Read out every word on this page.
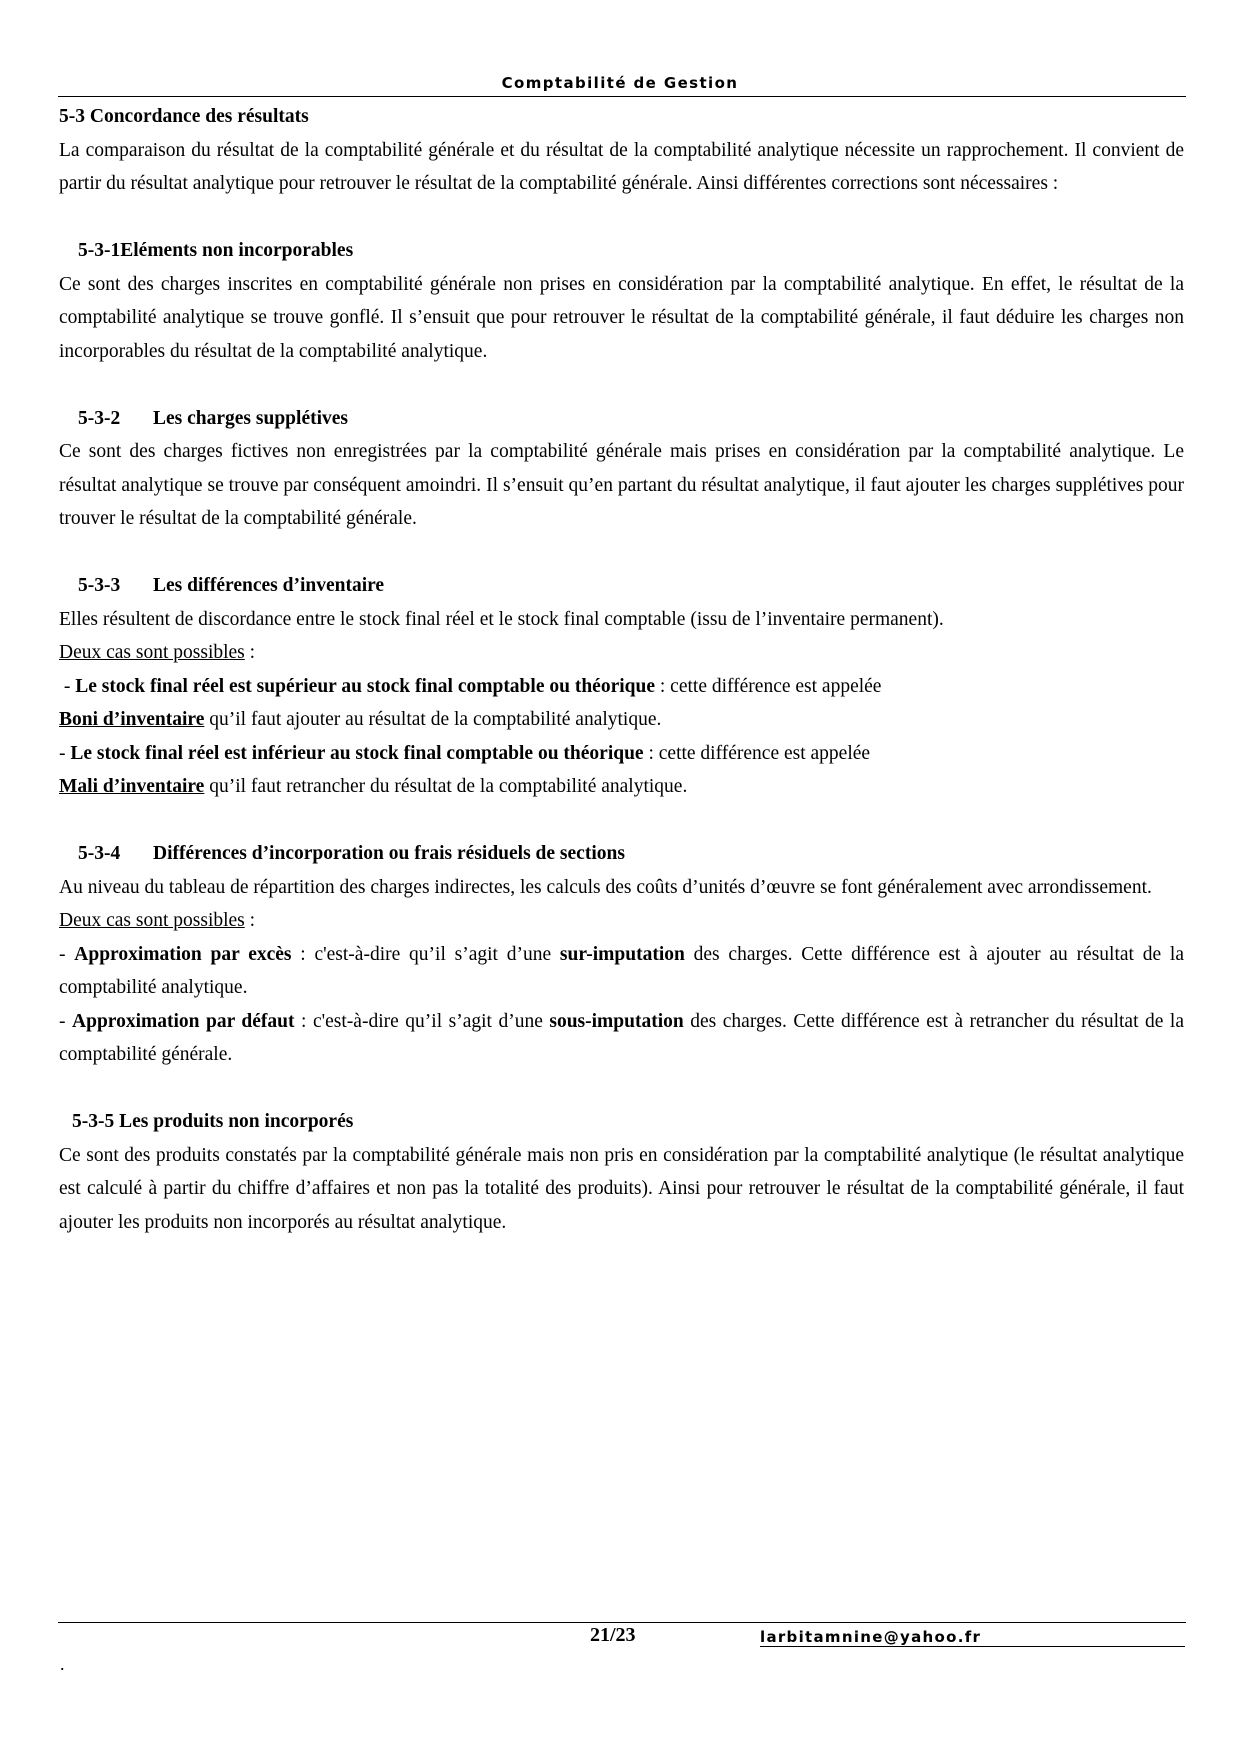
Comptabilité de Gestion
5-3 Concordance des résultats

La comparaison du résultat de la comptabilité générale et du résultat de la comptabilité analytique nécessite un rapprochement. Il convient de partir du résultat analytique pour retrouver le résultat de la comptabilité générale. Ainsi différentes corrections sont nécessaires :

5-3-1Eléments non incorporables

Ce sont des charges inscrites en comptabilité générale non prises en considération par la comptabilité analytique. En effet, le résultat de la comptabilité analytique se trouve gonflé. Il s’ensuit que pour retrouver le résultat de la comptabilité générale, il faut déduire les charges non incorporables du résultat de la comptabilité analytique.

5-3-2 Les charges supplétives

Ce sont des charges fictives non enregistrées par la comptabilité générale mais prises en considération par la comptabilité analytique. Le résultat analytique se trouve par conséquent amoindri. Il s’ensuit qu’en partant du résultat analytique, il faut ajouter les charges supplétives pour trouver le résultat de la comptabilité générale.

5-3-3 Les différences d’inventaire

Elles résultent de discordance entre le stock final réel et le stock final comptable (issu de l’inventaire permanent).

Deux cas sont possibles :

- Le stock final réel est supérieur au stock final comptable ou théorique : cette différence est appelée

Boni d’inventaire qu’il faut ajouter au résultat de la comptabilité analytique.

- Le stock final réel est inférieur au stock final comptable ou théorique : cette différence est appelée

Mali d’inventaire qu’il faut retrancher du résultat de la comptabilité analytique.

5-3-4 Différences d’incorporation ou frais résiduels de sections

Au niveau du tableau de répartition des charges indirectes, les calculs des coûts d’unités d’œuvre se font généralement avec arrondissement.

Deux cas sont possibles :

- Approximation par excès : c'est-à-dire qu’il s’agit d’une sur-imputation des charges. Cette différence est à ajouter au résultat de la comptabilité analytique.

- Approximation par défaut : c'est-à-dire qu’il s’agit d’une sous-imputation des charges. Cette différence est à retrancher du résultat de la comptabilité générale.

5-3-5 Les produits non incorporés

Ce sont des produits constatés par la comptabilité générale mais non pris en considération par la comptabilité analytique (le résultat analytique est calculé à partir du chiffre d’affaires et non pas la totalité des produits). Ainsi pour retrouver le résultat de la comptabilité générale, il faut ajouter les produits non incorporés au résultat analytique.

21/23	larbitamnine@yahoo.fr
.
